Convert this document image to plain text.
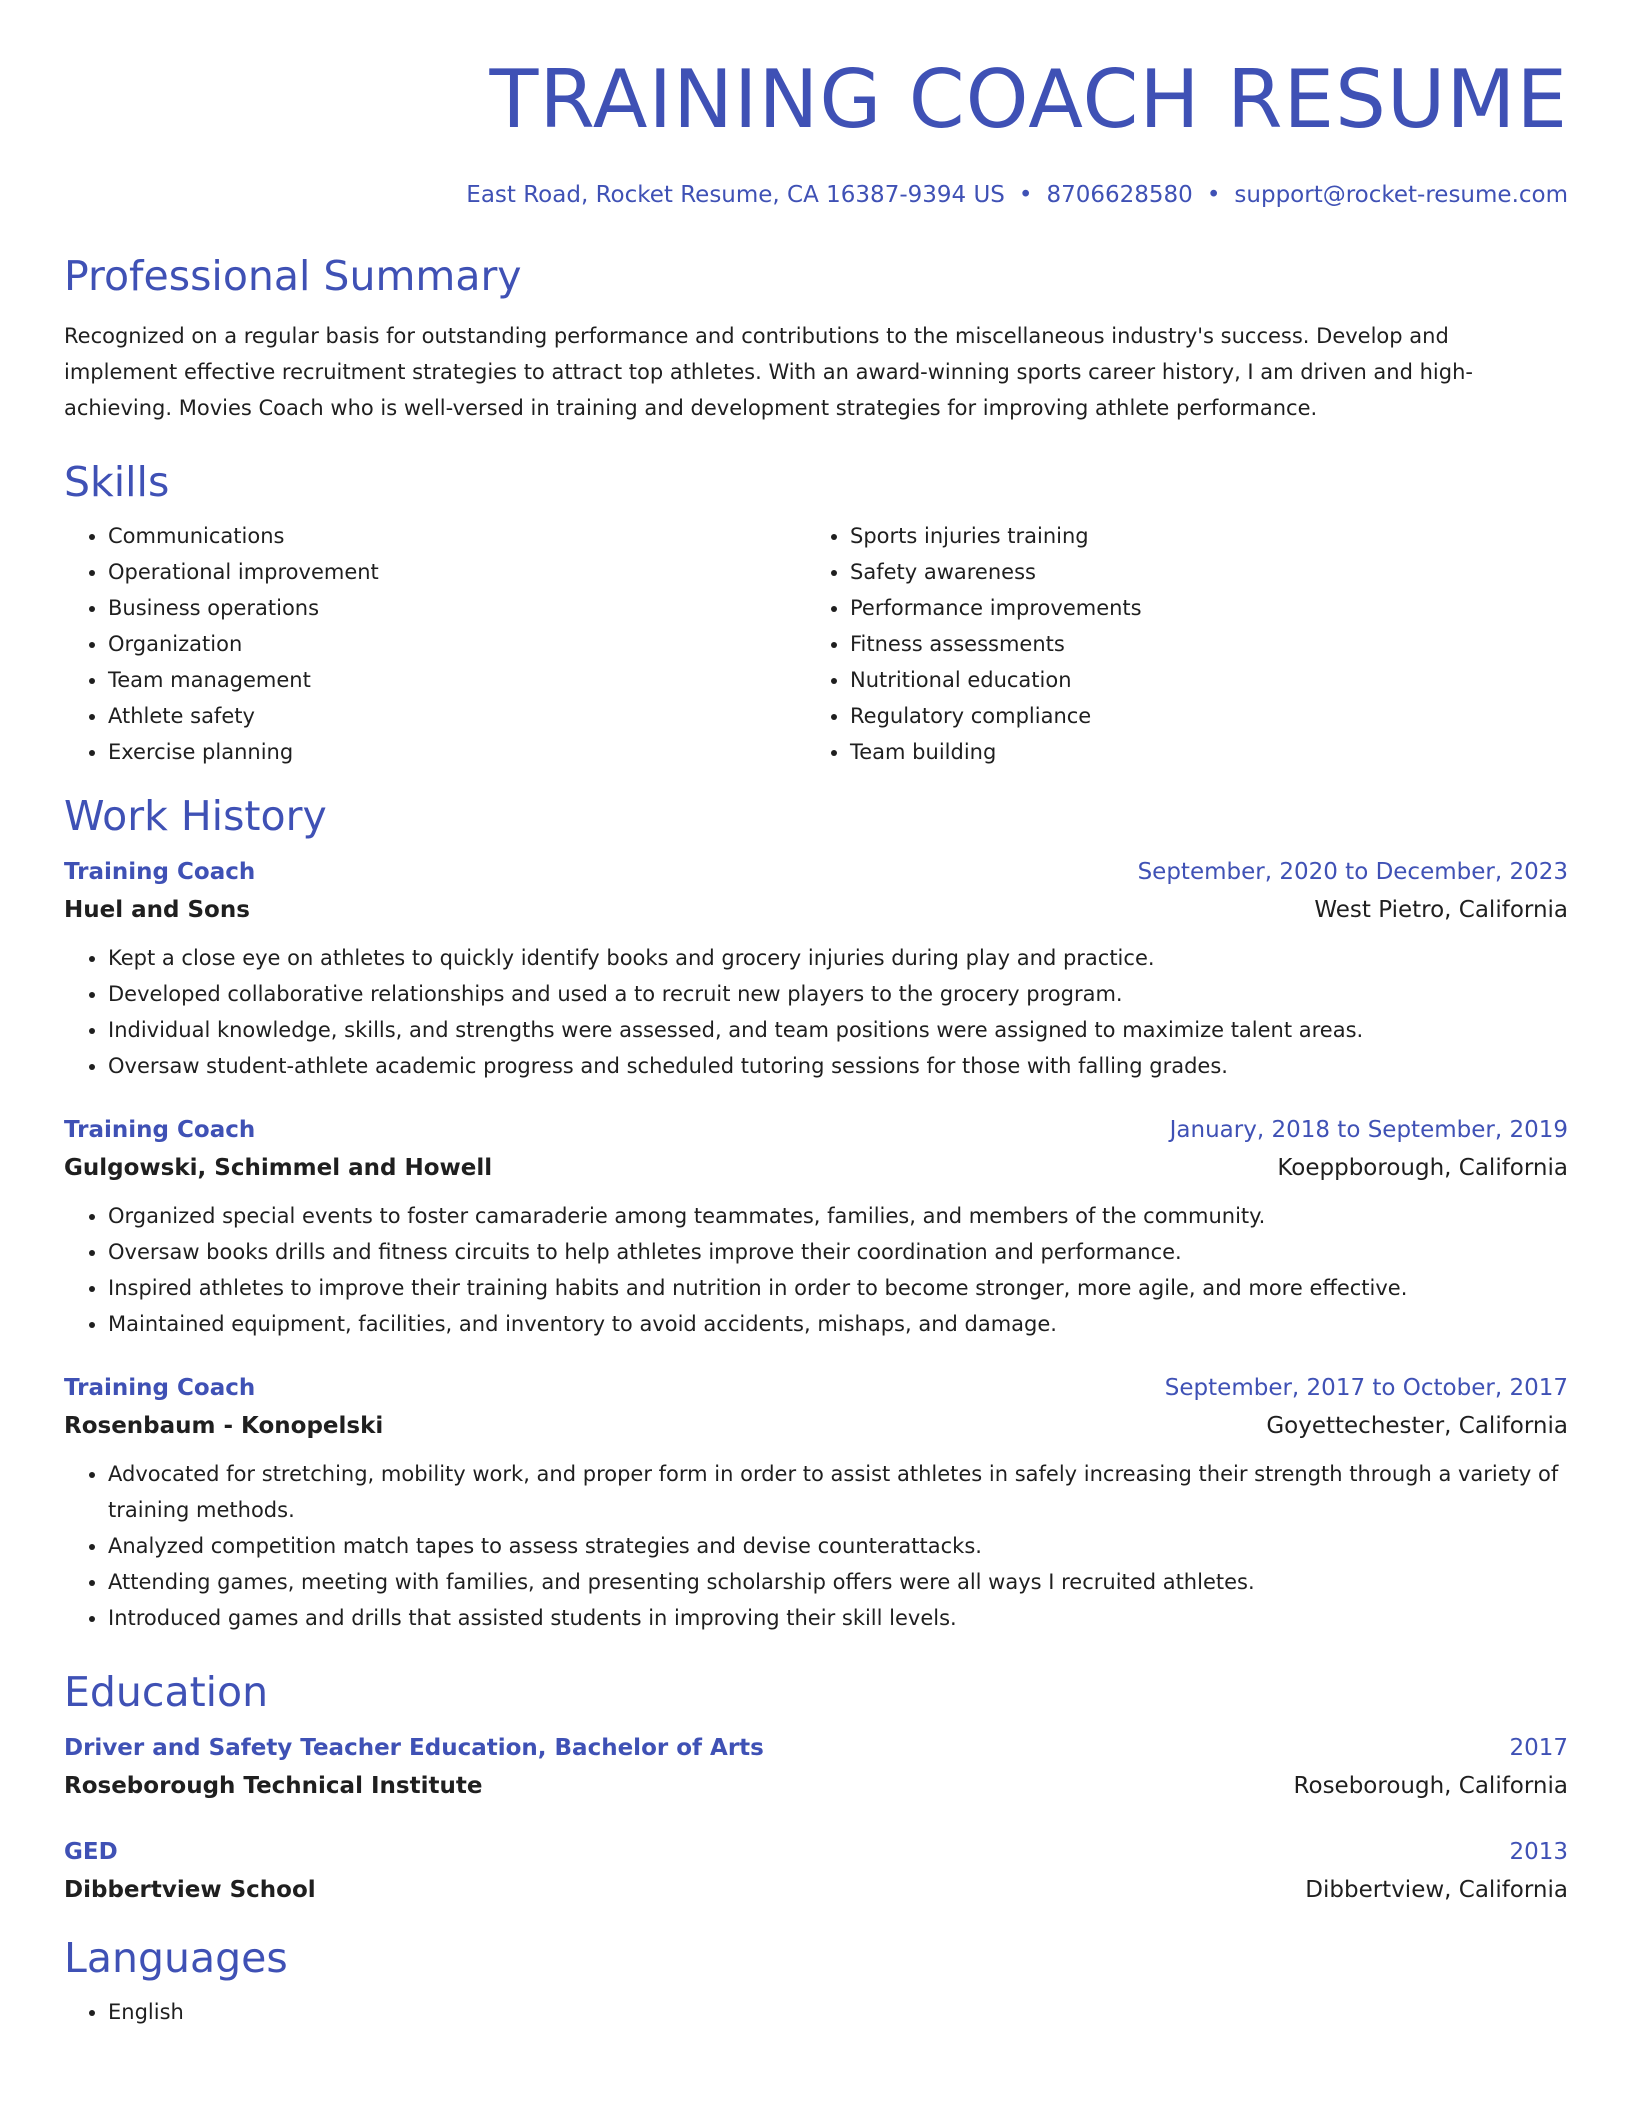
TRAINING COACH RESUME
East Road, Rocket Resume, CA 16387-9394 US • 8706628580 • support@rocket-resume.com
Professional Summary

Recognized on a regular basis for outstanding performance and contributions to the miscellaneous industry's success. Develop and implement effective recruitment strategies to attract top athletes. With an award-winning sports career history, I am driven and high-achieving. Movies Coach who is well-versed in training and development strategies for improving athlete performance.

Skills
• Communications
• Operational improvement
• Business operations
• Organization
• Team management
• Athlete safety
• Exercise planning
• Sports injuries training
• Safety awareness
• Performance improvements
• Fitness assessments
• Nutritional education
• Regulatory compliance
• Team building
Work History
Training Coach	September, 2020 to December, 2023
Huel and Sons	West Pietro, California
• Kept a close eye on athletes to quickly identify books and grocery injuries during play and practice.
• Developed collaborative relationships and used a to recruit new players to the grocery program.
• Individual knowledge, skills, and strengths were assessed, and team positions were assigned to maximize talent areas.
• Oversaw student-athlete academic progress and scheduled tutoring sessions for those with falling grades.
Training Coach	January, 2018 to September, 2019
Gulgowski, Schimmel and Howell	Koeppborough, California
• Organized special events to foster camaraderie among teammates, families, and members of the community.
• Oversaw books drills and fitness circuits to help athletes improve their coordination and performance.
• Inspired athletes to improve their training habits and nutrition in order to become stronger, more agile, and more effective.
• Maintained equipment, facilities, and inventory to avoid accidents, mishaps, and damage.
Training Coach	September, 2017 to October, 2017
Rosenbaum - Konopelski	Goyettechester, California
• Advocated for stretching, mobility work, and proper form in order to assist athletes in safely increasing their strength through a variety of training methods.
• Analyzed competition match tapes to assess strategies and devise counterattacks.
• Attending games, meeting with families, and presenting scholarship offers were all ways I recruited athletes.
• Introduced games and drills that assisted students in improving their skill levels.
Education
Driver and Safety Teacher Education, Bachelor of Arts	2017
Roseborough Technical Institute	Roseborough, California
GED	2013
Dibbertview School	Dibbertview, California
Languages
• English
